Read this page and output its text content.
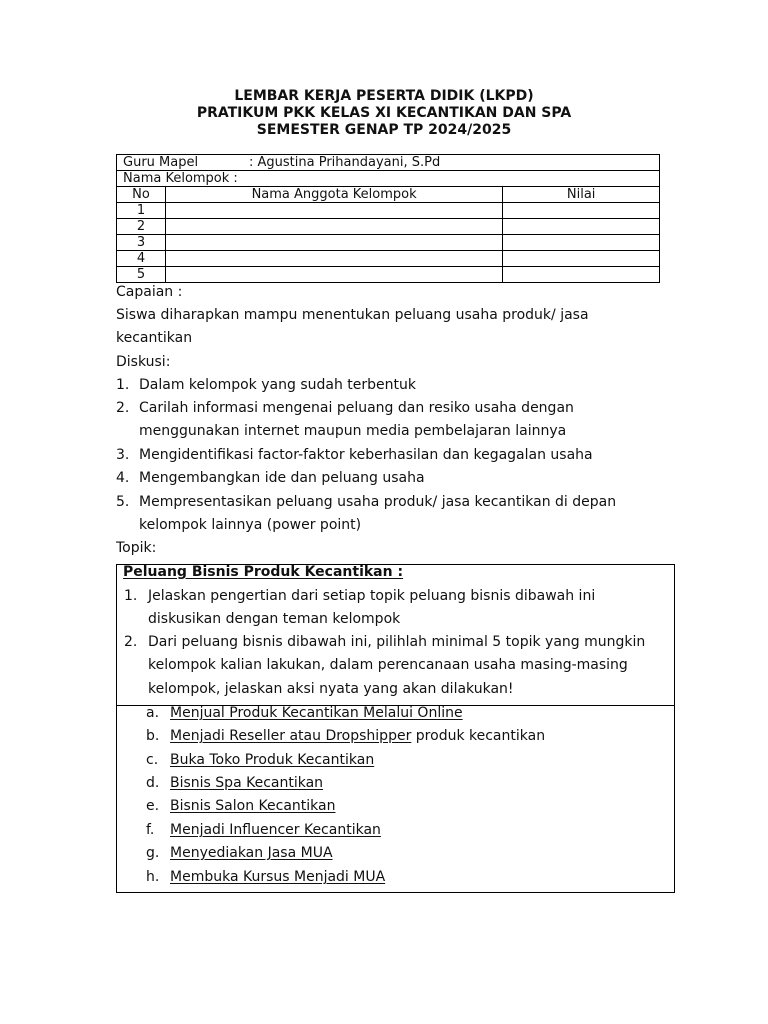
LEMBAR KERJA PESERTA DIDIK (LKPD)
PRATIKUM PKK KELAS XI KECANTIKAN DAN SPA
SEMESTER GENAP TP 2024/2025
Guru Mapel : Agustina Prihandayani, S.Pd		
Nama Kelompok :		
No	Nama Anggota Kelompok	Nilai
1		
2		
3		
4		
5		
Capaian :
Siswa diharapkan mampu menentukan peluang usaha produk/ jasa
kecantikan
Diskusi:
1. Dalam kelompok yang sudah terbentuk
2. Carilah informasi mengenai peluang dan resiko usaha dengan
menggunakan internet maupun media pembelajaran lainnya
3. Mengidentifikasi factor-faktor keberhasilan dan kegagalan usaha
4. Mengembangkan ide dan peluang usaha
5. Mempresentasikan peluang usaha produk/ jasa kecantikan di depan
kelompok lainnya (power point)
Topik:
Peluang Bisnis Produk Kecantikan :
1. Jelaskan pengertian dari setiap topik peluang bisnis dibawah ini
diskusikan dengan teman kelompok
2. Dari peluang bisnis dibawah ini, pilihlah minimal 5 topik yang mungkin
kelompok kalian lakukan, dalam perencanaan usaha masing-masing
kelompok, jelaskan aksi nyata yang akan dilakukan!
a. Menjual Produk Kecantikan Melalui Online
b. Menjadi Reseller atau Dropshipper produk kecantikan
c. Buka Toko Produk Kecantikan
d. Bisnis Spa Kecantikan
e. Bisnis Salon Kecantikan
f. Menjadi Influencer Kecantikan
g. Menyediakan Jasa MUA
h. Membuka Kursus Menjadi MUA
